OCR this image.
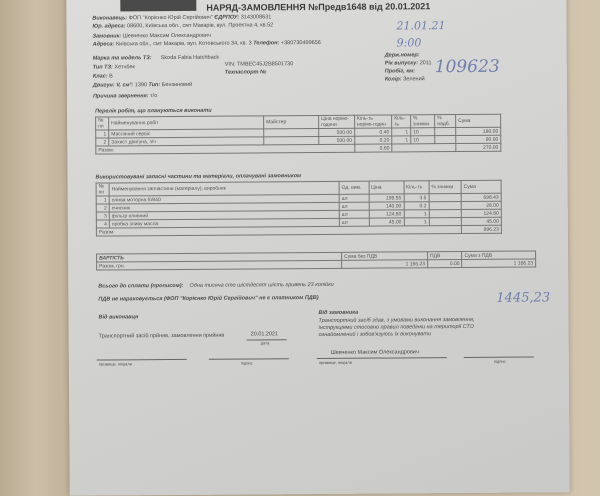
НАРЯД-ЗАМОВЛЕННЯ №Предв1648 від 20.01.2021
Виконавець: ФОП "Корієнко Юрій Сергійович" ЄДРПОУ: 3143008631
Юр. адреса: 08600, Київська обл., смт Макарів, вул. Проектна 4, кв.52
Замовник: Шевченко Максим Олександрович
Адреса: Київська обл., смт Макарів, вул. Котовського 34, кв. 3 Телефон: +380730499656
Марка та модель ТЗ: Skoda Fabia Hatchback
Тип ТЗ: Хетчбек
Клас: B
Двигун: V, см³: 1390 Тип: Бензиновий
Причина звернення: т/о
VIN: TMBEC45J2B8501730
Техпаспорт №
Держ.номер:
Рік випуску: 2011
Пробіг, км:
Колір: Зелений
21.01.21
9:00
109623
Перелік робіт, що плануються виконати
№ пп	Найменування робіт	Майстер	Ціна нормо-години	Кіль-ть нормо-годин	Кіль-ть	% знижки	% надб.	Сума
1	Масляний сервіс		500.00	0.40	1	10		180.00
2	Захист двигуна, з/ч		500.00	0.20	1	10		90.00
Разом:				0.60				270.00
Використовувані запасні частини та матеріали, оплачувані замовником
№ пп	Найменування запчастини (матеріалу), виробник	Од. вим.	Ціна	Кіль-ть	% знижки	Сума
1	олива моторна 5W40	шт	199.55	3.5		698.43
2	очисник	шт	140.00	0.2		28.00
3	фільтр оливний	шт	124.80	1		124.80
4	пробка зливу масла	шт	45.00	1		45.00
Разом:						896.23
ВАРТІСТЬ	Сума без ПДВ	ПДВ	Сума з ПДВ
Разом, грн.	1 166.23	0.00	1 166.23
Всього до сплати (прописом): Одна тисяча сто шістдесят шість гривень 23 копійки
ПДВ не нараховується (ФОП "Корієнко Юрій Сергійович" не є платником ПДВ)	1445,23
Від виконавця
Транспортний засіб прйняв, замовлення прийняв	20.01.2021
дата
Від замовника
Транспортний засіб здав, з умовами виконання замовлення,
інструкціями стосовно правил поведінки на території СТО
ознайомлений і зобов'язуюсь їх виконувати
Шевченко Максим Олександрович
прізвище, ініціали	підпис	прізвище, ініціали	підпис
